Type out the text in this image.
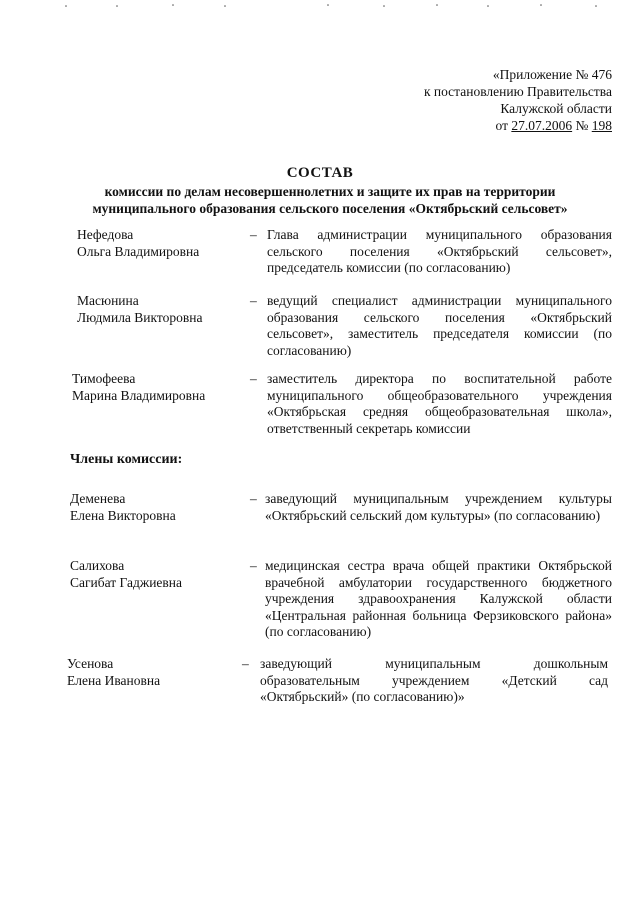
«Приложение № 476
к постановлению Правительства
Калужской области
от 27.07.2006 № 198
СОСТАВ
комиссии по делам несовершеннолетних и защите их прав на территории муниципального образования сельского поселения «Октябрьский сельсовет»
Нефедова
Ольга Владимировна
– Глава администрации муниципального образования сельского поселения «Октябрьский сельсовет», председатель комиссии (по согласованию)
Масюнина
Людмила Викторовна
– ведущий специалист администрации муниципального образования сельского поселения «Октябрьский сельсовет», заместитель председателя комиссии (по согласованию)
Тимофеева
Марина Владимировна
– заместитель директора по воспитательной работе муниципального общеобразовательного учреждения «Октябрьская средняя общеобразовательная школа», ответственный секретарь комиссии
Члены комиссии:
Деменева
Елена Викторовна
– заведующий муниципальным учреждением культуры «Октябрьский сельский дом культуры» (по согласованию)
Салихова
Сагибат Гаджиевна
– медицинская сестра врача общей практики Октябрьской врачебной амбулатории государственного бюджетного учреждения здравоохранения Калужской области «Центральная районная больница Ферзиковского района» (по согласованию)
Усенова
Елена Ивановна
– заведующий муниципальным дошкольным образовательным учреждением «Детский сад «Октябрьский» (по согласованию)»
